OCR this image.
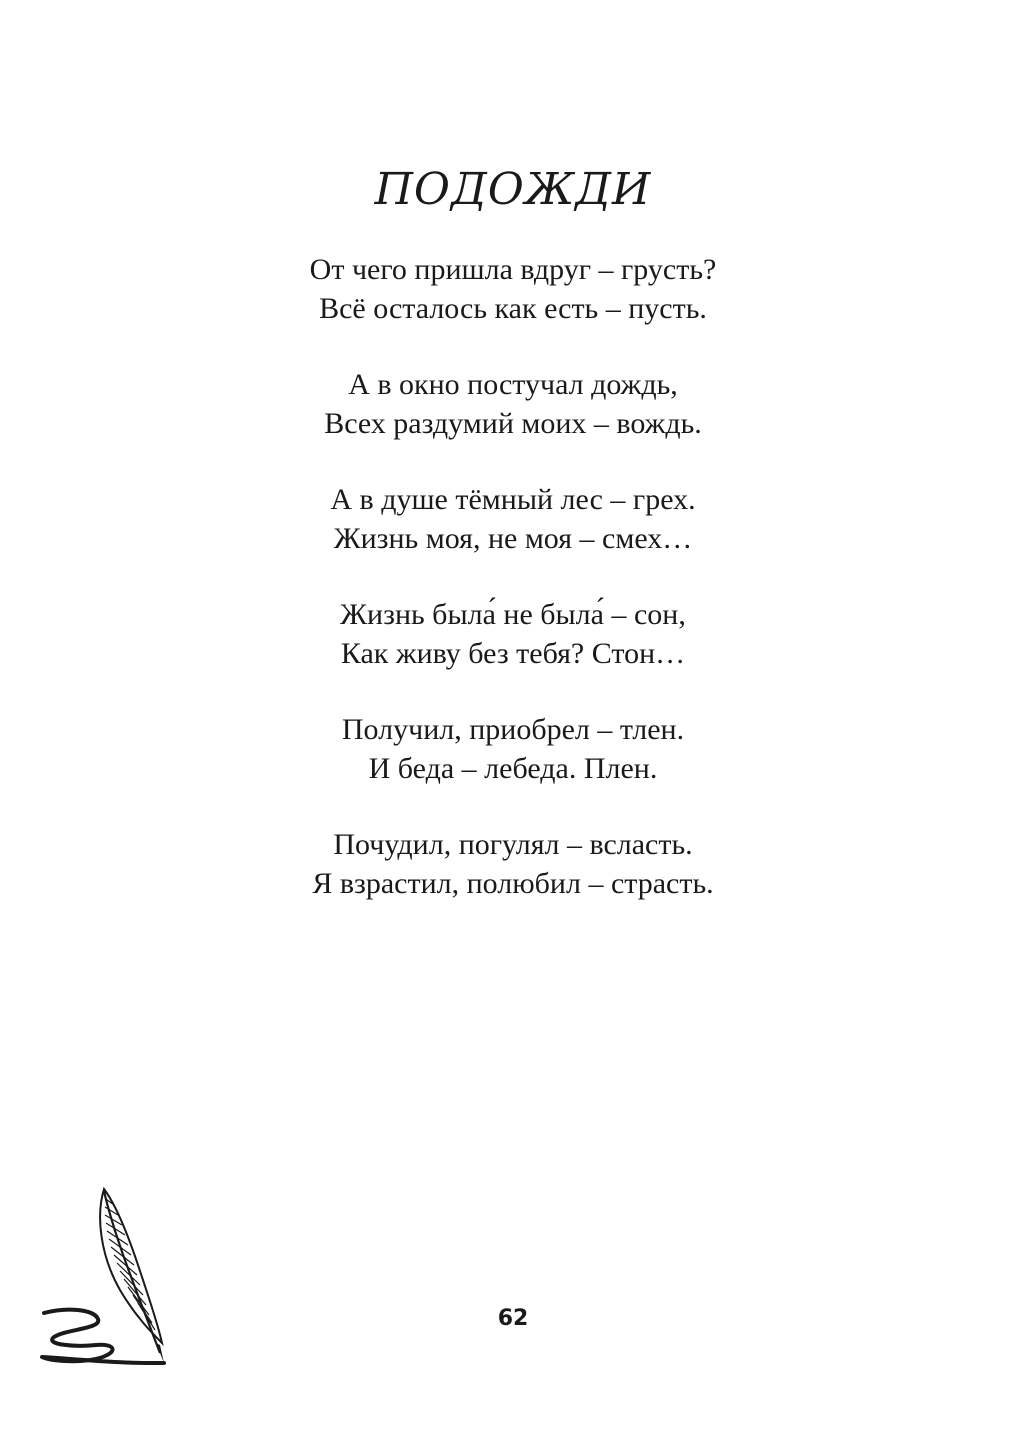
ПОДОЖДИ
От чего пришла вдруг – грусть?
Всё осталось как есть – пусть.
А в окно постучал дождь,
Всех раздумий моих – вождь.
А в душе тёмный лес – грех.
Жизнь моя, не моя – смех…
Жизнь была́ не была́ – сон,
Как живу без тебя? Стон…
Получил, приобрел – тлен.
И беда – лебеда. Плен.
Почудил, погулял – всласть.
Я взрастил, полюбил – страсть.
62
